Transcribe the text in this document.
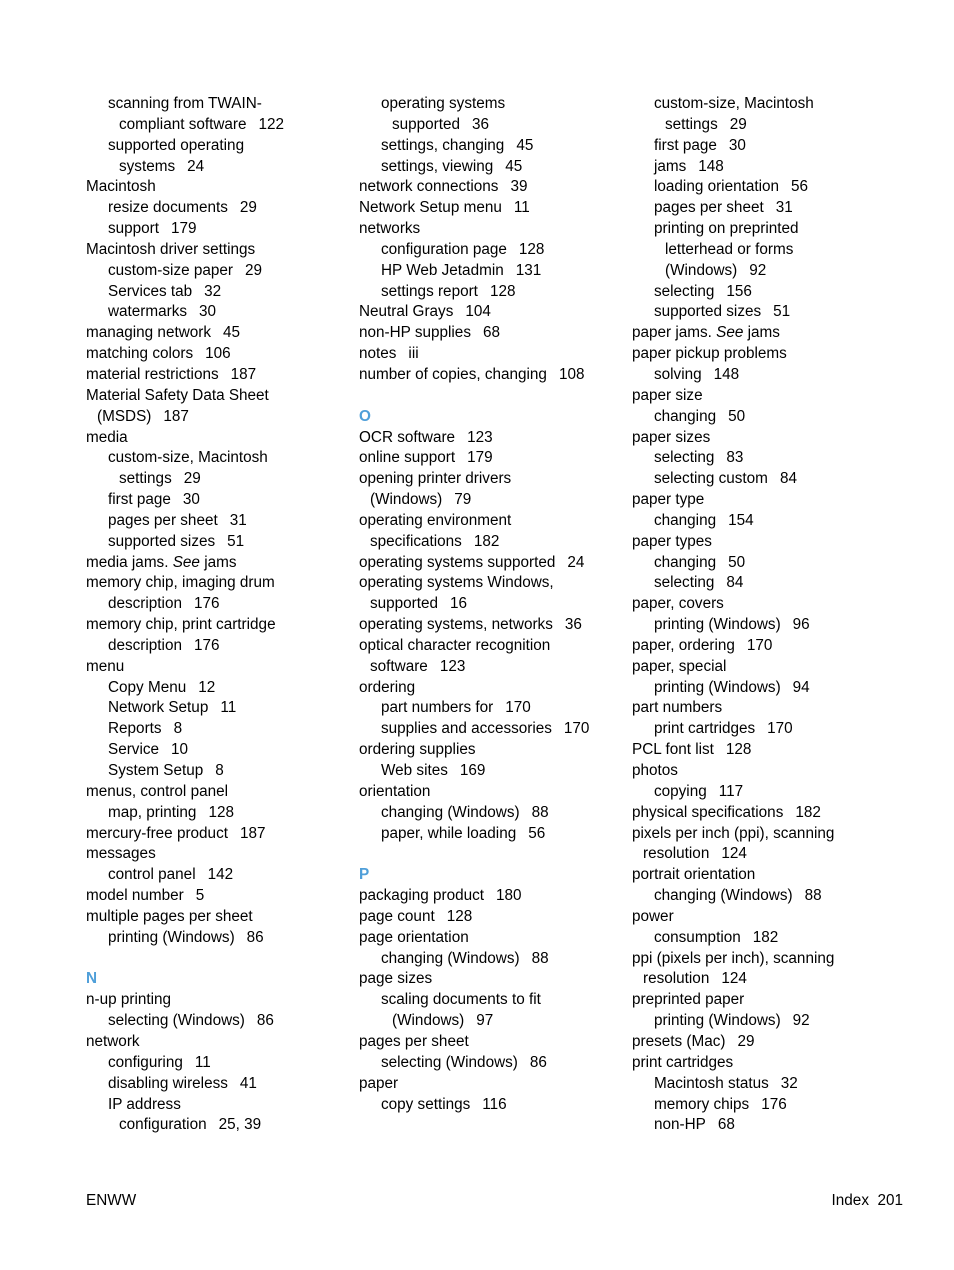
scanning from TWAIN-
compliant software 122
supported operating
systems 24
Macintosh
resize documents 29
support 179
Macintosh driver settings
custom-size paper 29
Services tab 32
watermarks 30
managing network 45
matching colors 106
material restrictions 187
Material Safety Data Sheet
(MSDS) 187
media
custom-size, Macintosh
settings 29
first page 30
pages per sheet 31
supported sizes 51
media jams. See jams
memory chip, imaging drum
description 176
memory chip, print cartridge
description 176
menu
Copy Menu 12
Network Setup 11
Reports 8
Service 10
System Setup 8
menus, control panel
map, printing 128
mercury-free product 187
messages
control panel 142
model number 5
multiple pages per sheet
printing (Windows) 86
N
n-up printing
selecting (Windows) 86
network
configuring 11
disabling wireless 41
IP address
configuration 25, 39
operating systems
supported 36
settings, changing 45
settings, viewing 45
network connections 39
Network Setup menu 11
networks
configuration page 128
HP Web Jetadmin 131
settings report 128
Neutral Grays 104
non-HP supplies 68
notes iii
number of copies, changing 108
O
OCR software 123
online support 179
opening printer drivers
(Windows) 79
operating environment
specifications 182
operating systems supported 24
operating systems Windows,
supported 16
operating systems, networks 36
optical character recognition
software 123
ordering
part numbers for 170
supplies and accessories 170
ordering supplies
Web sites 169
orientation
changing (Windows) 88
paper, while loading 56
P
packaging product 180
page count 128
page orientation
changing (Windows) 88
page sizes
scaling documents to fit
(Windows) 97
pages per sheet
selecting (Windows) 86
paper
copy settings 116
custom-size, Macintosh
settings 29
first page 30
jams 148
loading orientation 56
pages per sheet 31
printing on preprinted
letterhead or forms
(Windows) 92
selecting 156
supported sizes 51
paper jams. See jams
paper pickup problems
solving 148
paper size
changing 50
paper sizes
selecting 83
selecting custom 84
paper type
changing 154
paper types
changing 50
selecting 84
paper, covers
printing (Windows) 96
paper, ordering 170
paper, special
printing (Windows) 94
part numbers
print cartridges 170
PCL font list 128
photos
copying 117
physical specifications 182
pixels per inch (ppi), scanning
resolution 124
portrait orientation
changing (Windows) 88
power
consumption 182
ppi (pixels per inch), scanning
resolution 124
preprinted paper
printing (Windows) 92
presets (Mac) 29
print cartridges
Macintosh status 32
memory chips 176
non-HP 68
ENWW	Index 201
